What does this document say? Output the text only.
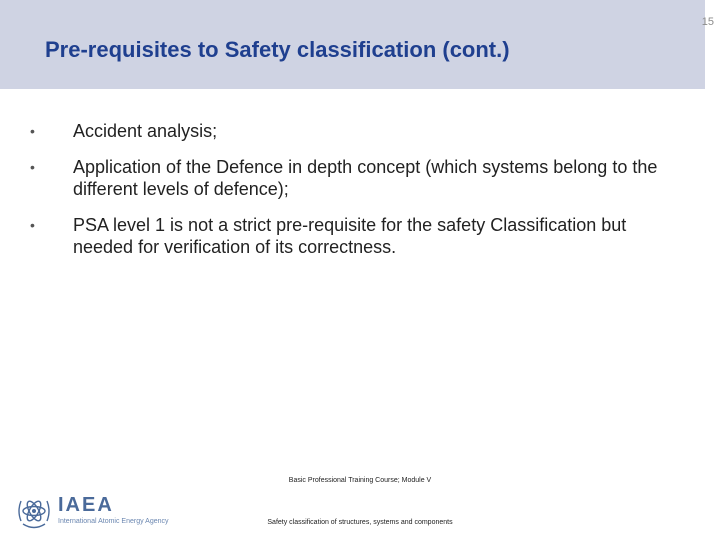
Pre-requisites to Safety classification (cont.)
15
•	Accident analysis;
•	Application of the Defence in depth concept (which systems belong to the different levels of defence);
•	PSA level 1 is not a strict pre-requisite for the safety Classification but needed for verification of its correctness.
IAEA
International Atomic Energy Agency
Basic Professional Training Course; Module V
Safety classification of structures, systems and components
